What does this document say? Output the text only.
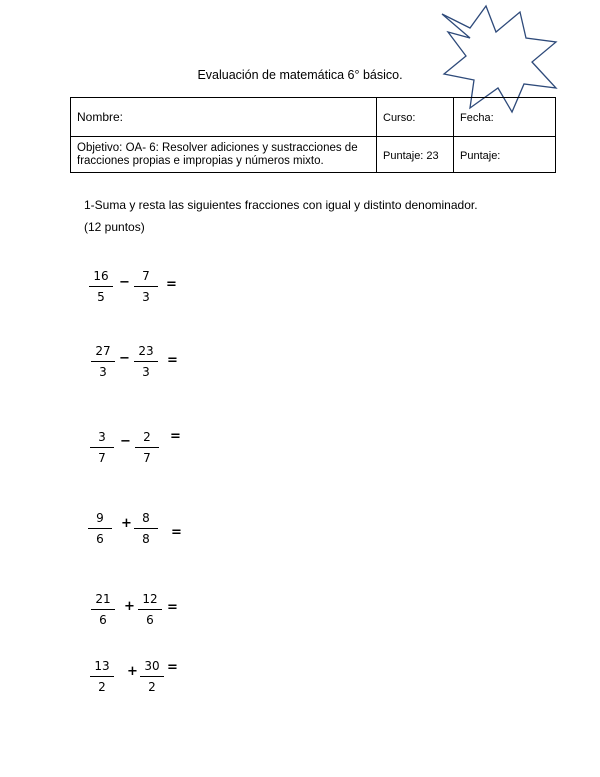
Evaluación de matemática 6° básico.
Nombre:	Curso:	Fecha:
Objetivo: OA- 6: Resolver adiciones y sustracciones de
fracciones propias e impropias y números mixto.	Puntaje: 23	Puntaje:
1-Suma y resta las siguientes fracciones con igual y distinto denominador.
(12 puntos)
16
5
−	7
3
=
27
3
− 23
3
=
3
7
−	2
7
=
9
6
+ 8
8	=
21
6
+ 12
6
=
13
2
+ 30
2
=
